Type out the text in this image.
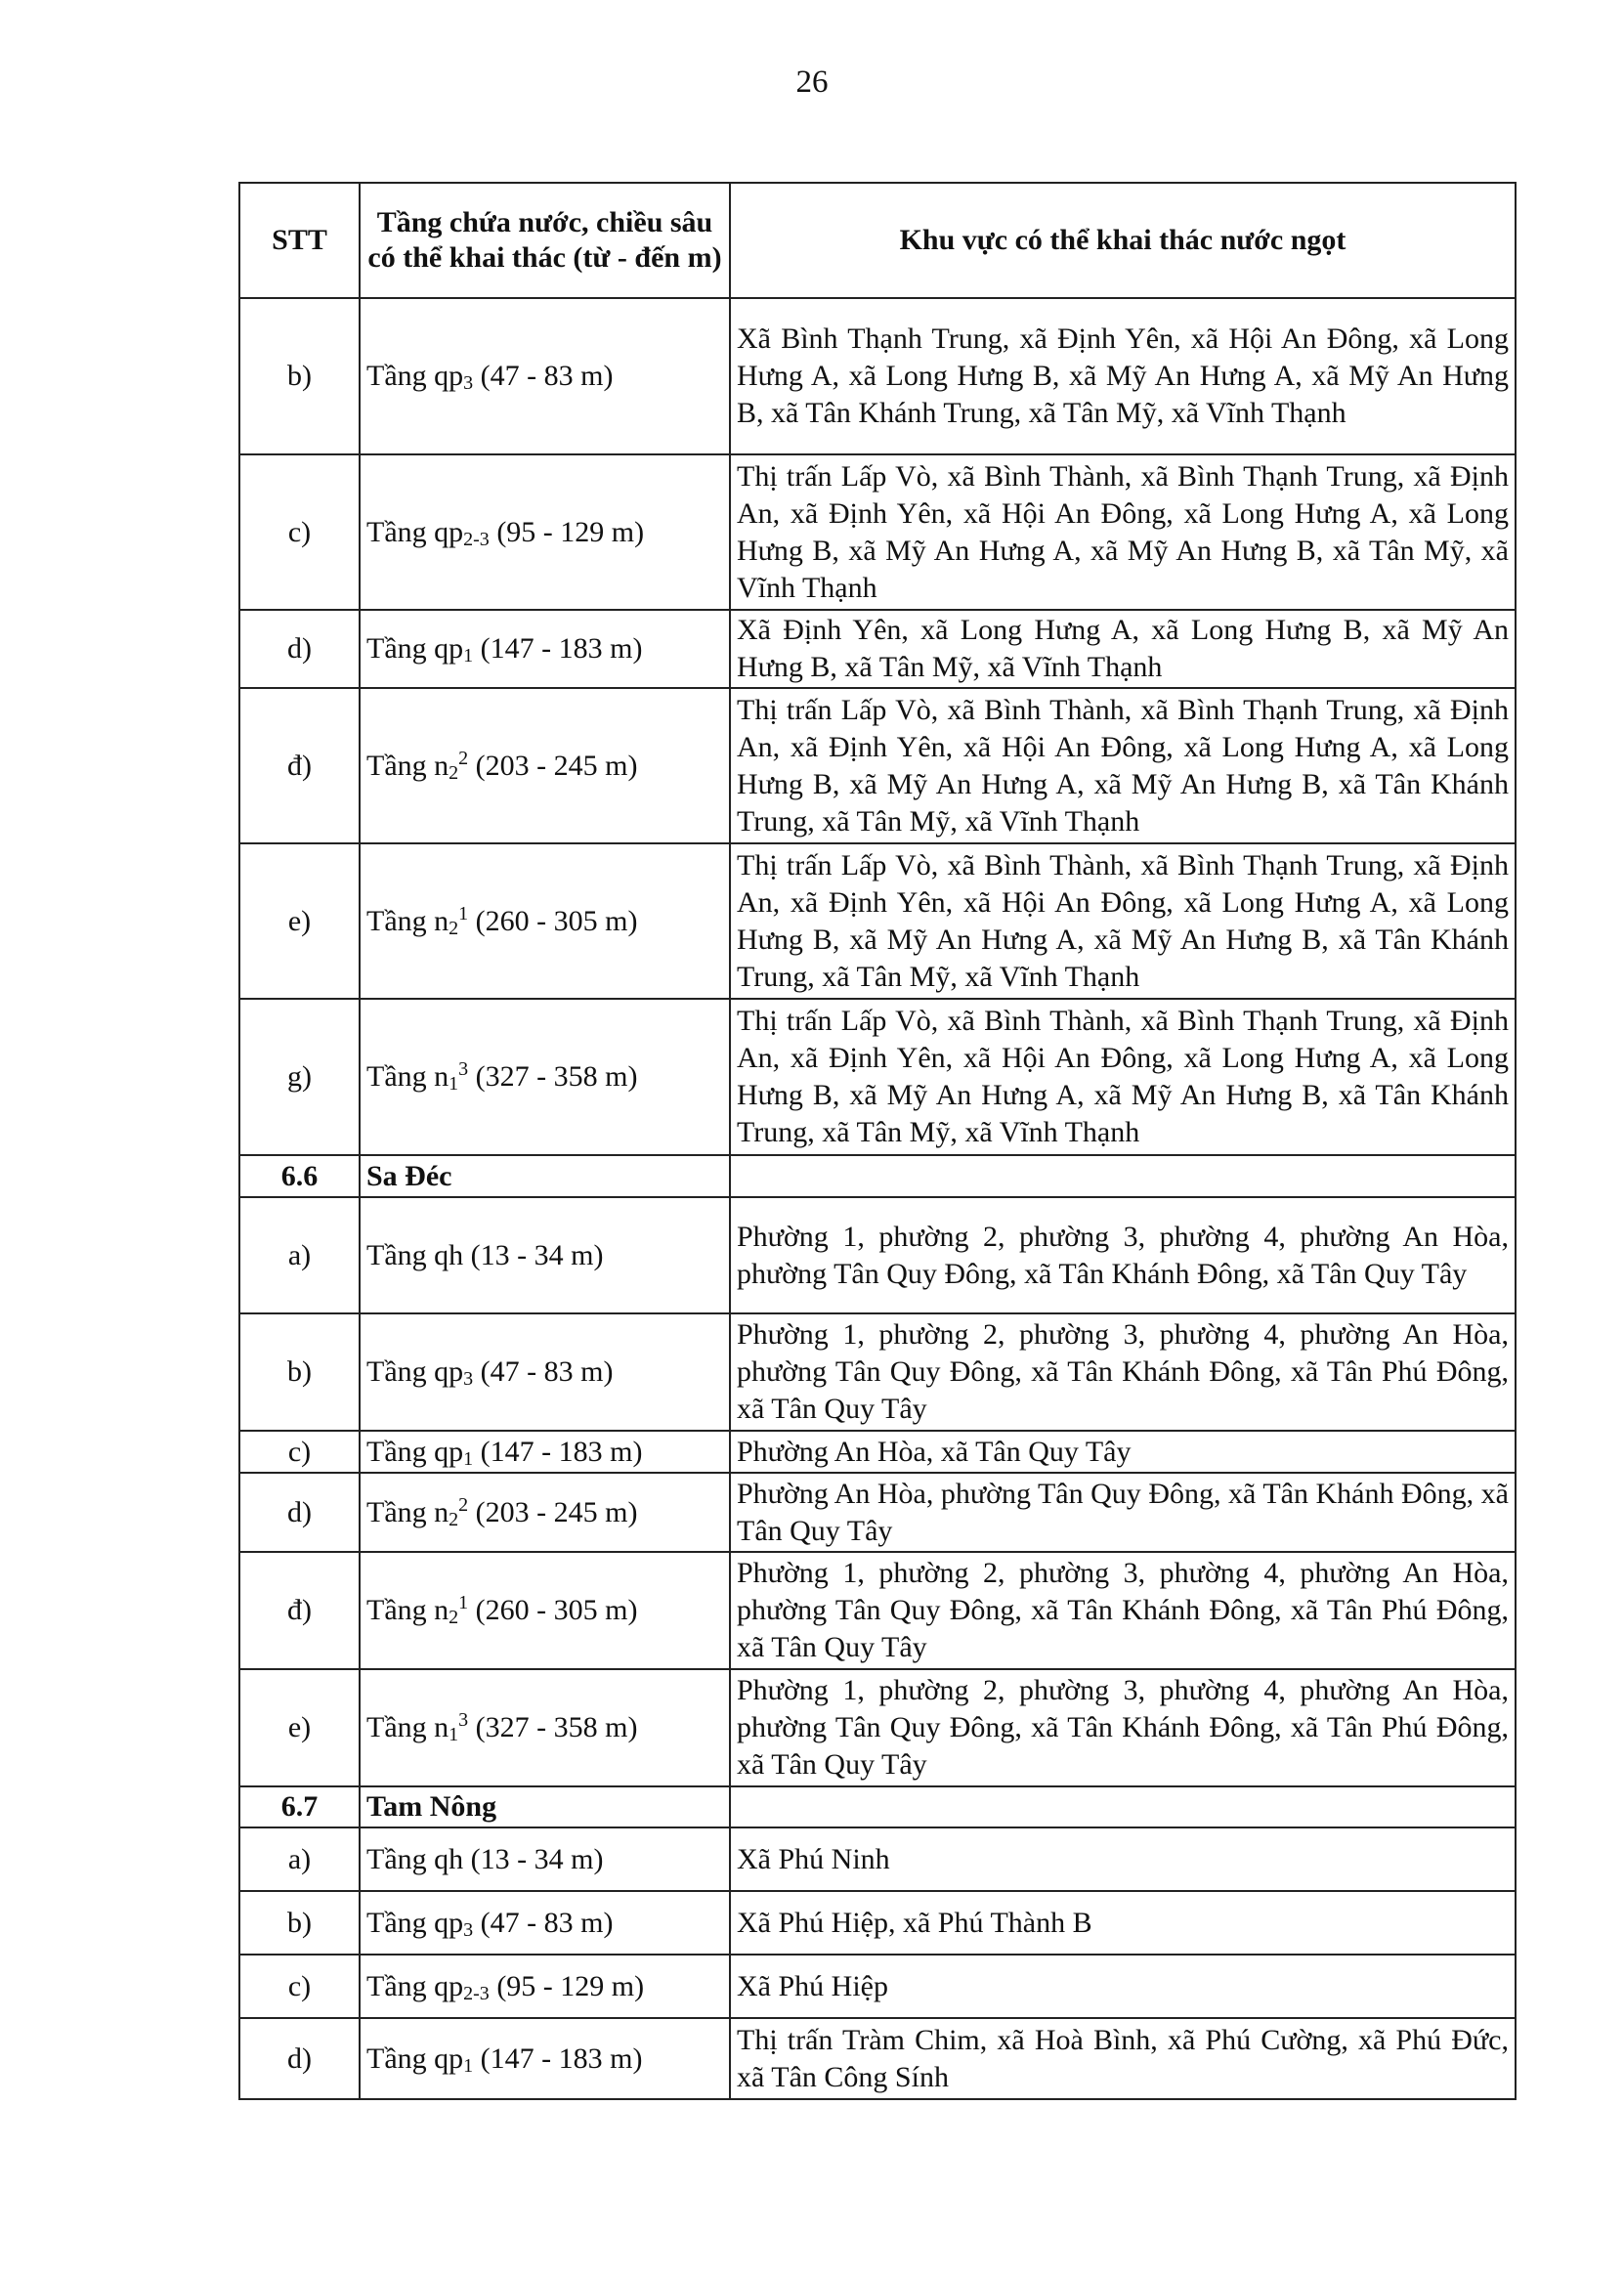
26
STT	Tầng chứa nước, chiều sâu có thể khai thác (từ - đến m)	Khu vực có thể khai thác nước ngọt
b)	Tầng $qp_3$ (47 - 83 m)	Xã Bình Thạnh Trung, xã Định Yên, xã Hội An Đông, xã Long Hưng A, xã Long Hưng B, xã Mỹ An Hưng A, xã Mỹ An Hưng B, xã Tân Khánh Trung, xã Tân Mỹ, xã Vĩnh Thạnh
c)	Tầng $qp_{2-3}$ (95 - 129 m)	Thị trấn Lấp Vò, xã Bình Thành, xã Bình Thạnh Trung, xã Định An, xã Định Yên, xã Hội An Đông, xã Long Hưng A, xã Long Hưng B, xã Mỹ An Hưng A, xã Mỹ An Hưng B, xã Tân Mỹ, xã Vĩnh Thạnh
d)	Tầng $qp_1$ (147 - 183 m)	Xã Định Yên, xã Long Hưng A, xã Long Hưng B, xã Mỹ An Hưng B, xã Tân Mỹ, xã Vĩnh Thạnh
đ)	Tầng $n_2^2$ (203 - 245 m)	Thị trấn Lấp Vò, xã Bình Thành, xã Bình Thạnh Trung, xã Định An, xã Định Yên, xã Hội An Đông, xã Long Hưng A, xã Long Hưng B, xã Mỹ An Hưng A, xã Mỹ An Hưng B, xã Tân Khánh Trung, xã Tân Mỹ, xã Vĩnh Thạnh
e)	Tầng $n_2^1$ (260 - 305 m)	Thị trấn Lấp Vò, xã Bình Thành, xã Bình Thạnh Trung, xã Định An, xã Định Yên, xã Hội An Đông, xã Long Hưng A, xã Long Hưng B, xã Mỹ An Hưng A, xã Mỹ An Hưng B, xã Tân Khánh Trung, xã Tân Mỹ, xã Vĩnh Thạnh
g)	Tầng $n_1^3$ (327 - 358 m)	Thị trấn Lấp Vò, xã Bình Thành, xã Bình Thạnh Trung, xã Định An, xã Định Yên, xã Hội An Đông, xã Long Hưng A, xã Long Hưng B, xã Mỹ An Hưng A, xã Mỹ An Hưng B, xã Tân Khánh Trung, xã Tân Mỹ, xã Vĩnh Thạnh
6.6	Sa Đéc	
a)	Tầng qh (13 - 34 m)	Phường 1, phường 2, phường 3, phường 4, phường An Hòa, phường Tân Quy Đông, xã Tân Khánh Đông, xã Tân Quy Tây
b)	Tầng $qp_3$ (47 - 83 m)	Phường 1, phường 2, phường 3, phường 4, phường An Hòa, phường Tân Quy Đông, xã Tân Khánh Đông, xã Tân Phú Đông, xã Tân Quy Tây
c)	Tầng $qp_1$ (147 - 183 m)	Phường An Hòa, xã Tân Quy Tây
d)	Tầng $n_2^2$ (203 - 245 m)	Phường An Hòa, phường Tân Quy Đông, xã Tân Khánh Đông, xã Tân Quy Tây
đ)	Tầng $n_2^1$ (260 - 305 m)	Phường 1, phường 2, phường 3, phường 4, phường An Hòa, phường Tân Quy Đông, xã Tân Khánh Đông, xã Tân Phú Đông, xã Tân Quy Tây
e)	Tầng $n_1^3$ (327 - 358 m)	Phường 1, phường 2, phường 3, phường 4, phường An Hòa, phường Tân Quy Đông, xã Tân Khánh Đông, xã Tân Phú Đông, xã Tân Quy Tây
6.7	Tam Nông	
a)	Tầng qh (13 - 34 m)	Xã Phú Ninh
b)	Tầng $qp_3$ (47 - 83 m)	Xã Phú Hiệp, xã Phú Thành B
c)	Tầng $qp_{2-3}$ (95 - 129 m)	Xã Phú Hiệp
d)	Tầng $qp_1$ (147 - 183 m)	Thị trấn Tràm Chim, xã Hoà Bình, xã Phú Cường, xã Phú Đức, xã Tân Công Sính
